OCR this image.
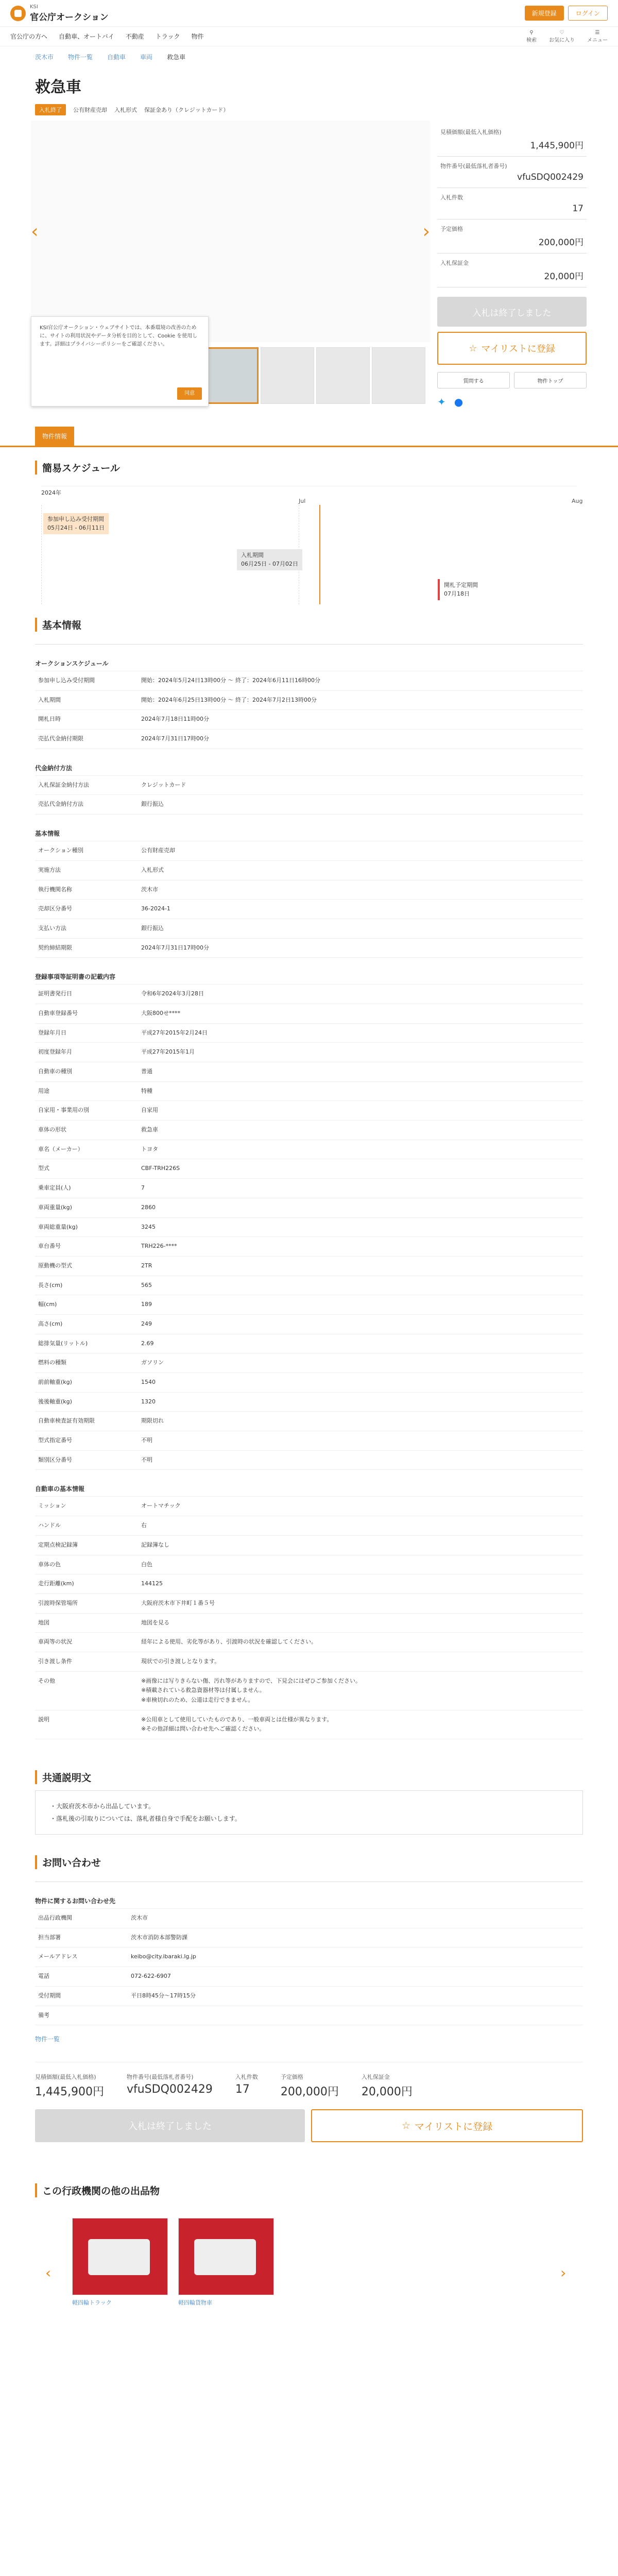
KSI
官公庁オークション	新規登録	ログイン
官公庁の方へ 自動車、オートバイ 不動産 トラック 物件
⚲
検索
♡
お気に入り
☰
メニュー
茨木市 物件一覧 自動車 車両 救急車
救急車
入札終了	公有財産売却 入札形式 保証金あり（クレジットカード）
‹	›
KSI官公庁オークション・ウェブサイトでは、本番環境の改善のために、サイトの利用状況やデータ分析を目的として、Cookie を使用します。詳細はプライバシーポリシーをご確認ください。
同意
見積価額(最低入札価格)
1,445,900円
物件番号(最低落札者番号)
vfuSDQ002429
入札件数
17
予定価格
200,000円
入札保証金
20,000円
入札は終了しました
☆ マイリストに登録
質問する	物件トップ
✦ ●
物件情報
簡易スケジュール
2024年
Jul	Aug
参加申し込み受付期間
05月24日 - 06月11日
入札期間
06月25日 - 07月02日
開札予定期間
07月18日
基本情報
オークションスケジュール
参加申し込み受付期間	開始：2024年5月24日13時00分 ～ 終了：2024年6月11日16時00分
入札期間	開始：2024年6月25日13時00分 ～ 終了：2024年7月2日13時00分
開札日時	2024年7月18日11時00分
売払代金納付期限	2024年7月31日17時00分
代金納付方法
入札保証金納付方法	クレジットカード
売払代金納付方法	銀行振込
基本情報
オークション種別	公有財産売却
実施方法	入札形式
執行機関名称	茨木市
売却区分番号	36-2024-1
支払い方法	銀行振込
契約締結期限	2024年7月31日17時00分
登録事項等証明書の記載内容
証明書発行日	令和6年2024年3月28日
自動車登録番号	大阪800せ****
登録年月日	平成27年2015年2月24日
初度登録年月	平成27年2015年1月
自動車の種別	普通
用途	特種
自家用・事業用の別	自家用
車体の形状	救急車
車名（メーカー）	トヨタ
型式	CBF-TRH226S
乗車定員(人)	7
車両重量(kg)	2860
車両総重量(kg)	3245
車台番号	TRH226-****
原動機の型式	2TR
長さ(cm)	565
幅(cm)	189
高さ(cm)	249
総排気量(リットル)	2.69
燃料の種類	ガソリン
前前軸重(kg)	1540
後後軸重(kg)	1320
自動車検査証有効期限	期限切れ
型式指定番号	不明
類別区分番号	不明
自動車の基本情報
ミッション	オートマチック
ハンドル	右
定期点検記録簿	記録簿なし
車体の色	白色
走行距離(km)	144125
引渡時保管場所	大阪府茨木市下井町１番５号
地図	地図を見る
車両等の状況	経年による使用、劣化等があり、引渡時の状況を確認してください。
引き渡し条件	現状での引き渡しとなります。
その他	※画像には写りきらない傷、汚れ等がありますので、下見会にはぜひご参加ください。
※積載されている救急資器材等は付属しません。
※車検切れのため、公道は走行できません。
説明	※公用車として使用していたものであり、一般車両とは仕様が異なります。
※その他詳細は問い合わせ先へご確認ください。
共通説明文
・大阪府茨木市から出品しています。
・落札後の引取りについては、落札者様自身で手配をお願いします。
お問い合わせ
物件に関するお問い合わせ先
出品行政機関	茨木市
担当部署	茨木市消防本部警防課
メールアドレス	keibo@city.ibaraki.lg.jp
電話	072-622-6907
受付期間	平日8時45分～17時15分
備考
物件一覧
見積価額(最低入札価格)
1,445,900円
物件番号(最低落札者番号)
vfuSDQ002429
入札件数
17
予定価格
200,000円
入札保証金
20,000円
入札は終了しました	☆ マイリストに登録
この行政機関の他の出品物
‹	›
軽四輪トラック	軽四輪貨物車
